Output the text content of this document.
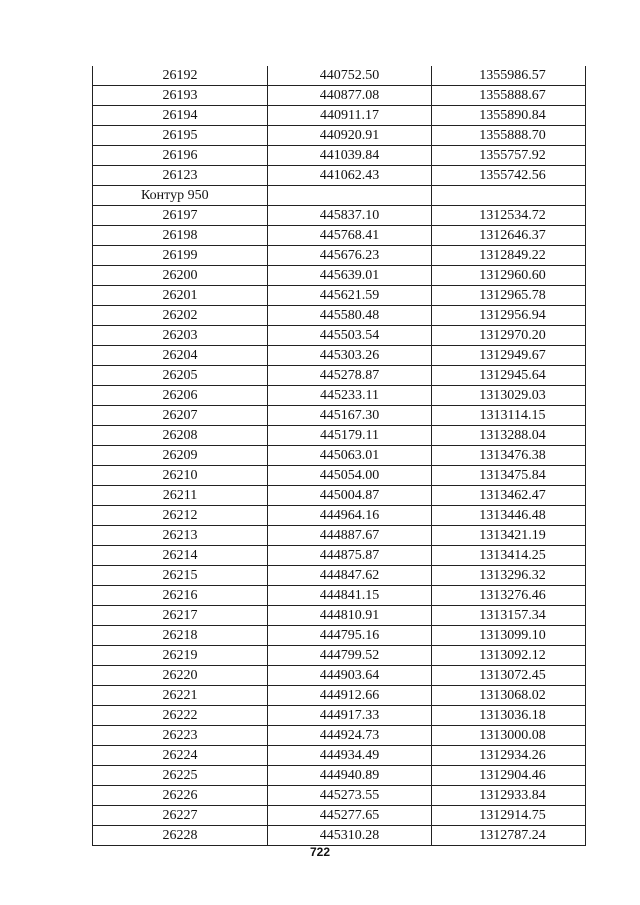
26192	440752.50	1355986.57
26193	440877.08	1355888.67
26194	440911.17	1355890.84
26195	440920.91	1355888.70
26196	441039.84	1355757.92
26123	441062.43	1355742.56
Контур 950		
26197	445837.10	1312534.72
26198	445768.41	1312646.37
26199	445676.23	1312849.22
26200	445639.01	1312960.60
26201	445621.59	1312965.78
26202	445580.48	1312956.94
26203	445503.54	1312970.20
26204	445303.26	1312949.67
26205	445278.87	1312945.64
26206	445233.11	1313029.03
26207	445167.30	1313114.15
26208	445179.11	1313288.04
26209	445063.01	1313476.38
26210	445054.00	1313475.84
26211	445004.87	1313462.47
26212	444964.16	1313446.48
26213	444887.67	1313421.19
26214	444875.87	1313414.25
26215	444847.62	1313296.32
26216	444841.15	1313276.46
26217	444810.91	1313157.34
26218	444795.16	1313099.10
26219	444799.52	1313092.12
26220	444903.64	1313072.45
26221	444912.66	1313068.02
26222	444917.33	1313036.18
26223	444924.73	1313000.08
26224	444934.49	1312934.26
26225	444940.89	1312904.46
26226	445273.55	1312933.84
26227	445277.65	1312914.75
26228	445310.28	1312787.24
722
